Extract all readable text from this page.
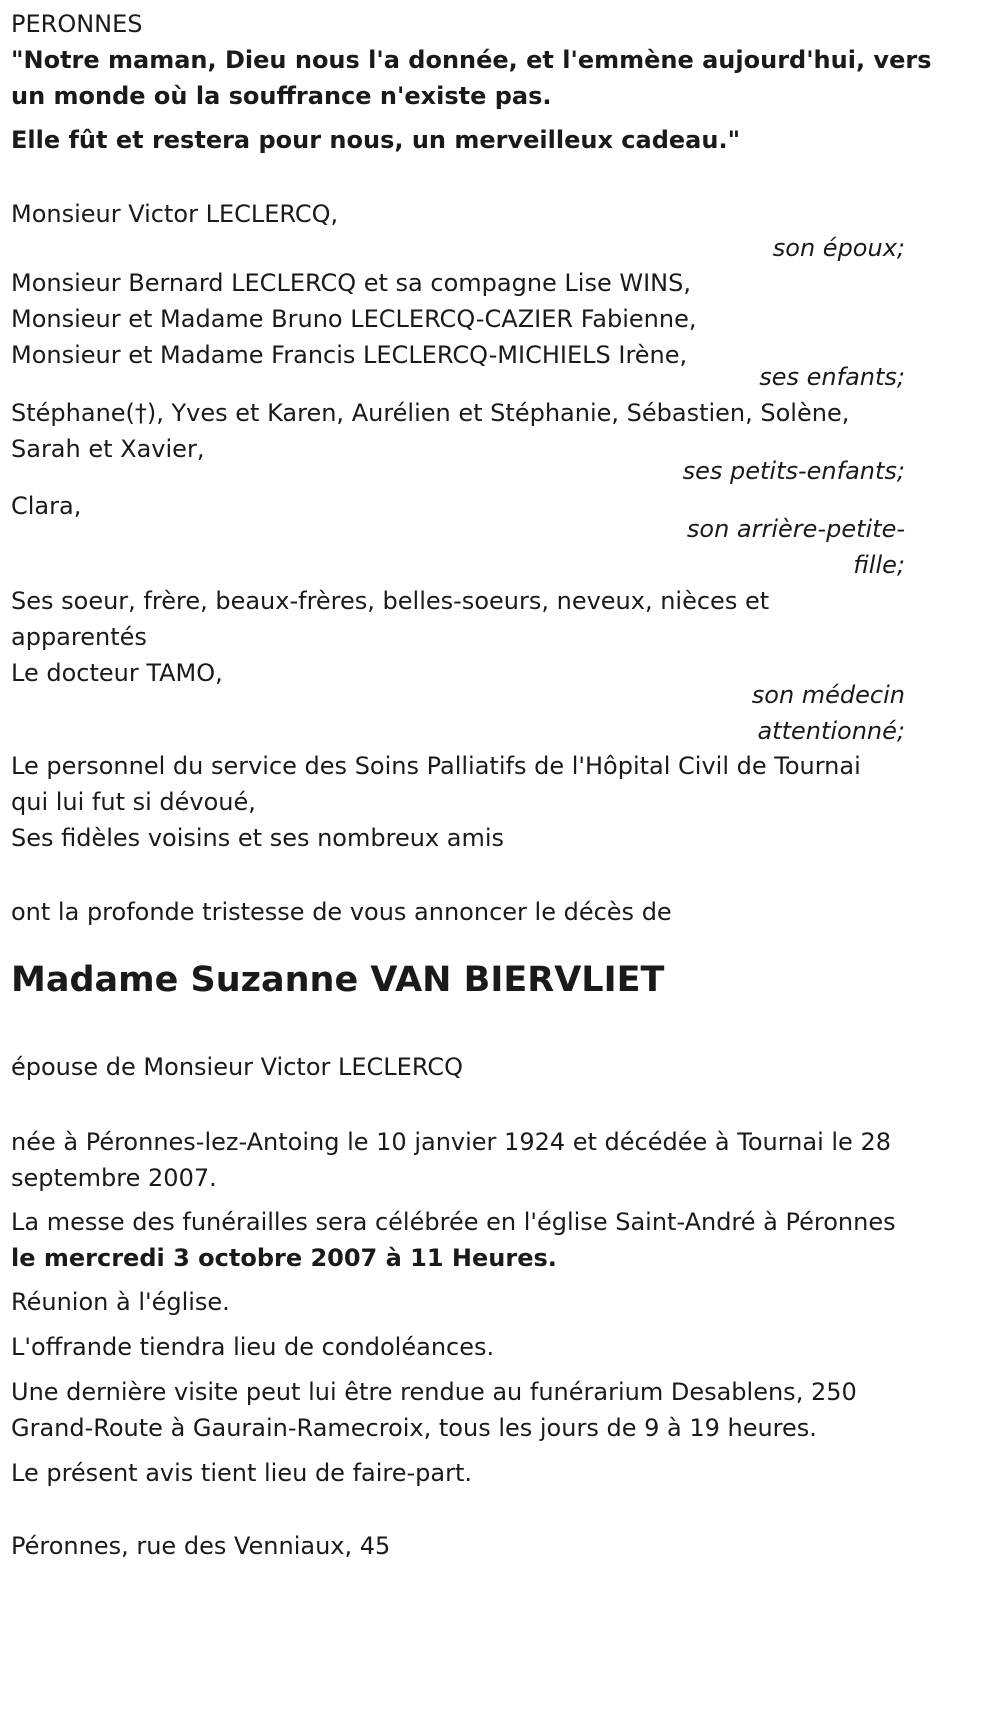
PERONNES
"Notre maman, Dieu nous l'a donnée, et l'emmène aujourd'hui, vers
un monde où la souffrance n'existe pas.
Elle fût et restera pour nous, un merveilleux cadeau."
Monsieur Victor LECLERCQ,
son époux;
Monsieur Bernard LECLERCQ et sa compagne Lise WINS,
Monsieur et Madame Bruno LECLERCQ-CAZIER Fabienne,
Monsieur et Madame Francis LECLERCQ-MICHIELS Irène,
ses enfants;
Stéphane(†), Yves et Karen, Aurélien et Stéphanie, Sébastien, Solène,
Sarah et Xavier,
ses petits-enfants;
Clara,
son arrière-petite-
fille;
Ses soeur, frère, beaux-frères, belles-soeurs, neveux, nièces et
apparentés
Le docteur TAMO,
son médecin
attentionné;
Le personnel du service des Soins Palliatifs de l'Hôpital Civil de Tournai
qui lui fut si dévoué,
Ses fidèles voisins et ses nombreux amis
ont la profonde tristesse de vous annoncer le décès de
Madame Suzanne VAN BIERVLIET
épouse de Monsieur Victor LECLERCQ
née à Péronnes-lez-Antoing le 10 janvier 1924 et décédée à Tournai le 28
septembre 2007.
La messe des funérailles sera célébrée en l'église Saint-André à Péronnes
le mercredi 3 octobre 2007 à 11 Heures.
Réunion à l'église.
L'offrande tiendra lieu de condoléances.
Une dernière visite peut lui être rendue au funérarium Desablens, 250
Grand-Route à Gaurain-Ramecroix, tous les jours de 9 à 19 heures.
Le présent avis tient lieu de faire-part.
Péronnes, rue des Venniaux, 45
